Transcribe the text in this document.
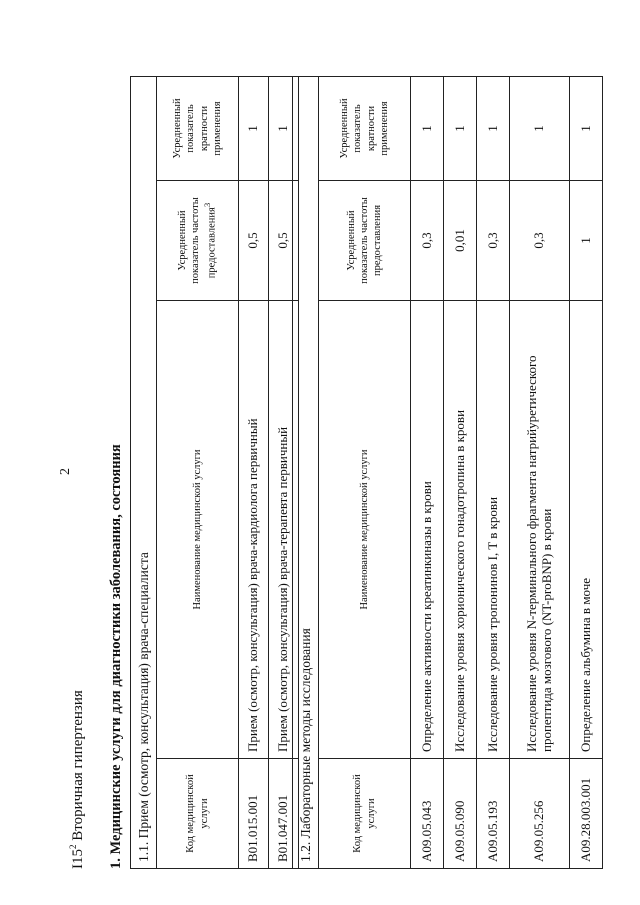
2
$I15^2$ Вторичная гипертензия 1. Медицинские услуги для диагностики заболевания, состояния 1.1. Прием (осмотр, консультация) врача-специалиста			
Код медицинской услуги	Наименование медицинской услуги	Усредненный показатель частоты предоставления$^3$	Усредненный показатель кратности применения
B01.015.001	Прием (осмотр, консультация) врача-кардиолога первичный	0,5	1
B01.047.001	Прием (осмотр, консультация) врача-терапевта первичный	0,5	1
1.2. Лабораторные методы исследования			
Код медицинской услуги	Наименование медицинской услуги	Усредненный показатель частоты предоставления	Усредненный показатель кратности применения
A09.05.043	Определение активности креатинкиназы в крови	0,3	1
A09.05.090	Исследование уровня хорионического гонадотропина в крови	0,01	1
A09.05.193	Исследование уровня тропонинов I, T в крови	0,3	1
A09.05.256	Исследование уровня N-терминального фрагмента натрийуретического пропептида мозгового (NT-proBNP) в крови	0,3	1
A09.28.003.001	Определение альбумина в моче	1	1
